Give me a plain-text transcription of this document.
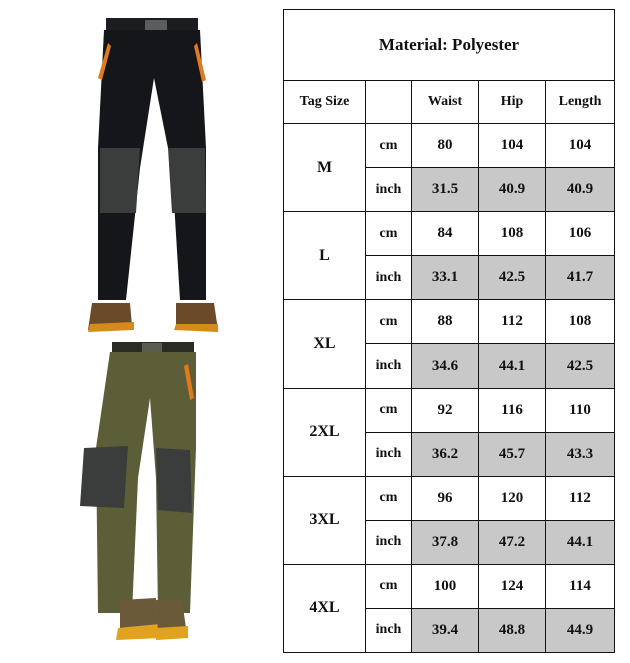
Material: Polyester				
Tag Size		Waist	Hip	Length
M	cm	80	104	104
	inch	31.5	40.9	40.9
L	cm	84	108	106
	inch	33.1	42.5	41.7
XL	cm	88	112	108
	inch	34.6	44.1	42.5
2XL	cm	92	116	110
	inch	36.2	45.7	43.3
3XL	cm	96	120	112
	inch	37.8	47.2	44.1
4XL	cm	100	124	114
	inch	39.4	48.8	44.9
